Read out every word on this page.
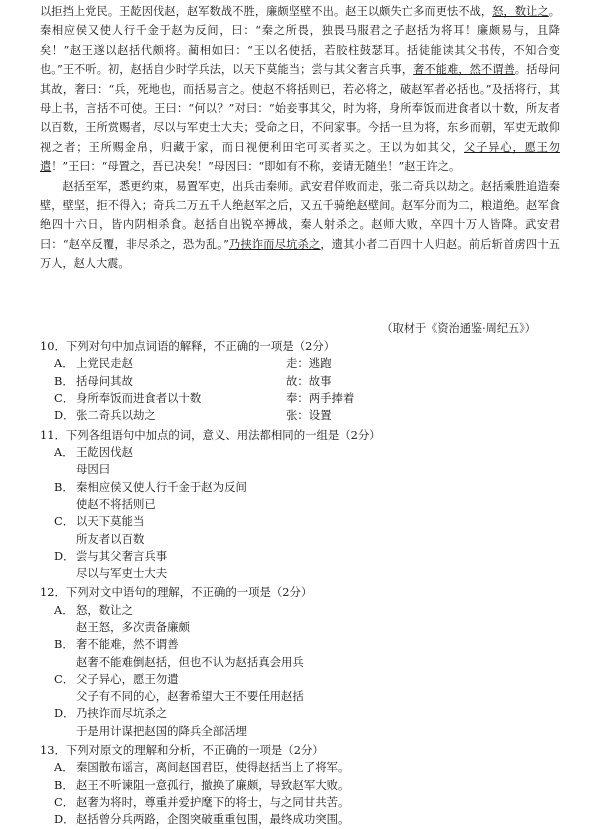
以拒挡上党民。王龁因伐赵，赵军数战不胜，廉颇坚壁不出。赵王以颇失亡多而更怯不战，怒，数让之。秦相应侯又使人行千金于赵为反间，曰：“秦之所畏，独畏马服君之子赵括为将耳！廉颇易与，且降矣！”赵王遂以赵括代颇将。蔺相如曰：“王以名使括，若胶柱鼓瑟耳。括徒能读其父书传，不知合变也。”王不听。初，赵括自少时学兵法，以天下莫能当；尝与其父奢言兵事，奢不能难，然不谓善。括母问其故，奢曰：“兵，死地也，而括易言之。使赵不将括则已，若必将之，破赵军者必括也。”及括将行，其母上书，言括不可使。王曰：“何以？”对曰：“始妾事其父，时为将，身所奉饭而进食者以十数，所友者以百数，王所赏赐者，尽以与军吏士大夫；受命之日，不问家事。今括一旦为将，东乡而朝，军吏无敢仰视之者；王所赐金帛，归藏于家，而日视便利田宅可买者买之。王以为如其父，父子异心，愿王勿遣！”王曰：“母置之，吾已决矣！”母因曰：“即如有不称，妾请无随坐！”赵王许之。

赵括至军，悉更约束，易置军吏，出兵击秦师。武安君佯败而走，张二奇兵以劫之。赵括乘胜追造秦壁，壁坚，拒不得入；奇兵二万五千人绝赵军之后，又五千骑绝赵壁间。赵军分而为二，粮道绝。赵军食绝四十六日，皆内阴相杀食。赵括自出锐卒搏战，秦人射杀之。赵师大败，卒四十万人皆降。武安君曰：“赵卒反覆，非尽杀之，恐为乱。”乃挟诈而尽坑杀之，遗其小者二百四十人归赵。前后斩首虏四十五万人，赵人大震。

（取材于《资治通鉴·周纪五》）
10．下列对句中加点词语的解释，不正确的一项是（2分）
A． 上党民走赵	走：逃跑
B． 括母问其故	故：故事
C． 身所奉饭而进食者以十数	奉：两手捧着
D． 张二奇兵以劫之	张：设置
11．下列各组语句中加点的词，意义、用法都相同的一组是（2分）
A． 王龁因伐赵
母因曰
B． 秦相应侯又使人行千金于赵为反间
使赵不将括则已
C． 以天下莫能当
所友者以百数
D． 尝与其父奢言兵事
尽以与军吏士大夫
12．下列对文中语句的理解，不正确的一项是（2分）
A． 怒，数让之
赵王怒，多次责备廉颇
B． 奢不能难，然不谓善
赵奢不能难倒赵括，但也不认为赵括真会用兵
C． 父子异心，愿王勿遣
父子有不同的心，赵奢希望大王不要任用赵括
D． 乃挟诈而尽坑杀之
于是用计谋把赵国的降兵全部活埋
13．下列对原文的理解和分析，不正确的一项是（2分）
A． 秦国散布谣言，离间赵国君臣，使得赵括当上了将军。
B． 赵王不听谏阻一意孤行，撤换了廉颇，导致赵军大败。
C． 赵奢为将时，尊重并爱护麾下的将士，与之同甘共苦。
D． 赵括曾分兵两路，企图突破重重包围，最终成功突围。
